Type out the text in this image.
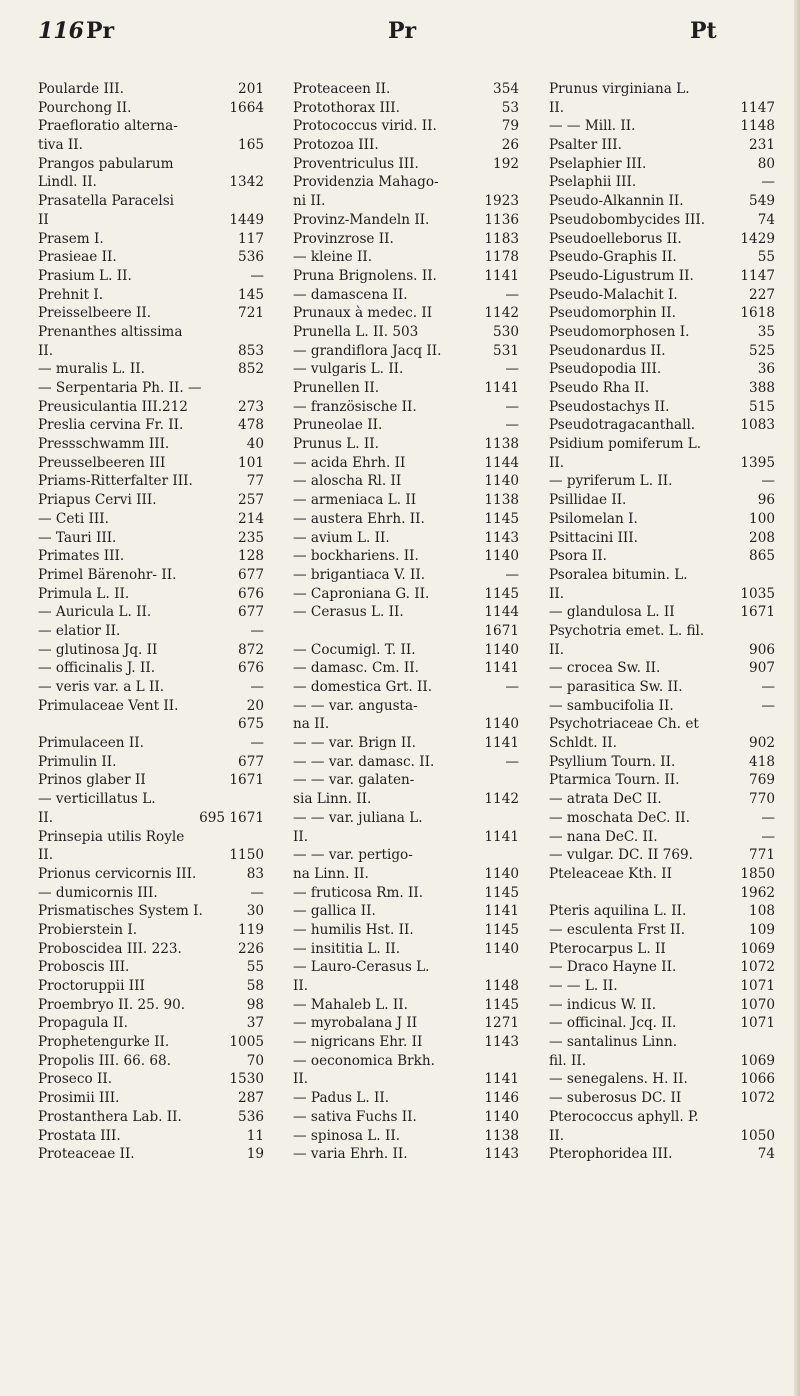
116 Pr	Pr	Pt
Poularde III.	201
Pourchong II.	1664
Praefloratio alterna-
tiva II.	165
Prangos pabularum
Lindl. II.	1342
Prasatella Paracelsi
II	1449
Prasem I.	117
Prasieae II.	536
Prasium L. II.	—
Prehnit I.	145
Preisselbeere II.	721
Prenanthes altissima
II.	853
— muralis L. II.	852
— Serpentaria Ph. II. —
Preusiculantia III.212	273
Preslia cervina Fr. II.	478
Pressschwamm III.	40
Preusselbeeren III	101
Priams-Ritterfalter III.	77
Priapus Cervi III.	257
— Ceti III.	214
— Tauri III.	235
Primates III.	128
Primel Bärenohr- II.	677
Primula L. II.	676
— Auricula L. II.	677
— elatior II.	—
— glutinosa Jq. II	872
— officinalis J. II.	676
— veris var. a L II.	—
Primulaceae Vent II.	20
675
Primulaceen II.	—
Primulin II.	677
Prinos glaber II	1671
— verticillatus L.
II.	695 1671
Prinsepia utilis Royle
II.	1150
Prionus cervicornis III.	83
— dumicornis III.	—
Prismatisches System I.	30
Probierstein I.	119
Proboscidea III. 223.	226
Proboscis III.	55
Proctoruppii III	58
Proembryo II. 25. 90.	98
Propagula II.	37
Prophetengurke II.	1005
Propolis III. 66. 68.	70
Proseco II.	1530
Prosimii III.	287
Prostanthera Lab. II.	536
Prostata III.	11
Proteaceae II.	19
Proteaceen II.	354
Protothorax III.	53
Protococcus virid. II.	79
Protozoa III.	26
Proventriculus III.	192
Providenzia Mahago-
ni II.	1923
Provinz-Mandeln II.	1136
Provinzrose II.	1183
— kleine II.	1178
Pruna Brignolens. II.	1141
— damascena II.	—
Prunaux à medec. II	1142
Prunella L. II. 503	530
— grandiflora Jacq II.	531
— vulgaris L. II.	—
Prunellen II.	1141
— französische II.	—
Pruneolae II.	—
Prunus L. II.	1138
— acida Ehrh. II	1144
— aloscha Rl. II	1140
— armeniaca L. II	1138
— austera Ehrh. II.	1145
— avium L. II.	1143
— bockhariens. II.	1140
— brigantiaca V. II.	—
— Caproniana G. II.	1145
— Cerasus L. II.	1144
1671
— Cocumigl. T. II.	1140
— damasc. Cm. II.	1141
— domestica Grt. II.	—
— — var. angusta-
na II.	1140
— — var. Brign II.	1141
— — var. damasc. II.	—
— — var. galaten-
sia Linn. II.	1142
— — var. juliana L.
II.	1141
— — var. pertigo-
na Linn. II.	1140
— fruticosa Rm. II.	1145
— gallica II.	1141
— humilis Hst. II.	1145
— insititia L. II.	1140
— Lauro-Cerasus L.
II.	1148
— Mahaleb L. II.	1145
— myrobalana J II	1271
— nigricans Ehr. II	1143
— oeconomica Brkh.
II.	1141
— Padus L. II.	1146
— sativa Fuchs II.	1140
— spinosa L. II.	1138
— varia Ehrh. II.	1143
Prunus virginiana L.
II.	1147
— — Mill. II.	1148
Psalter III.	231
Pselaphier III.	80
Pselaphii III.	—
Pseudo-Alkannin II.	549
Pseudobombycides III.	74
Pseudoelleborus II.	1429
Pseudo-Graphis II.	55
Pseudo-Ligustrum II.	1147
Pseudo-Malachit I.	227
Pseudomorphin II.	1618
Pseudomorphosen I.	35
Pseudonardus II.	525
Pseudopodia III.	36
Pseudo Rha II.	388
Pseudostachys II.	515
Pseudotragacanthall.	1083
Psidium pomiferum L.
II.	1395
— pyriferum L. II.	—
Psillidae II.	96
Psilomelan I.	100
Psittacini III.	208
Psora II.	865
Psoralea bitumin. L.
II.	1035
— glandulosa L. II	1671
Psychotria emet. L. fil.
II.	906
— crocea Sw. II.	907
— parasitica Sw. II.	—
— sambucifolia II.	—
Psychotriaceae Ch. et
Schldt. II.	902
Psyllium Tourn. II.	418
Ptarmica Tourn. II.	769
— atrata DeC II.	770
— moschata DeC. II.	—
— nana DeC. II.	—
— vulgar. DC. II 769.	771
Pteleaceae Kth. II	1850
1962
Pteris aquilina L. II.	108
— esculenta Frst II.	109
Pterocarpus L. II	1069
— Draco Hayne II.	1072
— — L. II.	1071
— indicus W. II.	1070
— officinal. Jcq. II.	1071
— santalinus Linn.
fil. II.	1069
— senegalens. H. II.	1066
— suberosus DC. II	1072
Pterococcus aphyll. P.
II.	1050
Pterophoridea III.	74
